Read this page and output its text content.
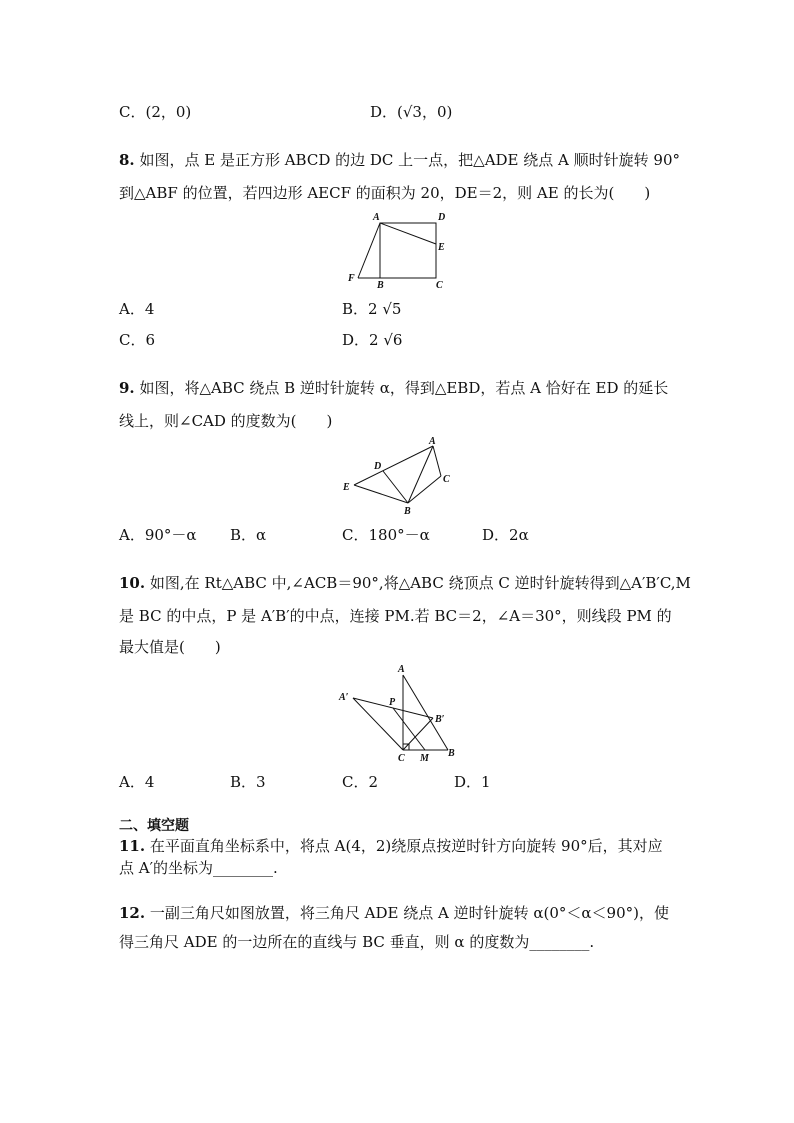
C．(2，0)	D．(√3，0)
8. 如图，点 E 是正方形 ABCD 的边 DC 上一点，把△ADE 绕点 A 顺时针旋转 90°
到△ABF 的位置，若四边形 AECF 的面积为 20，DE＝2，则 AE 的长为(　　)
A	D
E
F
B	C
A．4	B．2 √5
C．6	D．2 √6
9. 如图，将△ABC 绕点 B 逆时针旋转 α，得到△EBD，若点 A 恰好在 ED 的延长
线上，则∠CAD 的度数为(　　)
A
D
C
E
B
A．90°－α B．α	C．180°－α	D．2α
10. 如图,在 Rt△ABC 中,∠ACB＝90°,将△ABC 绕顶点 C 逆时针旋转得到△A′B′C,M
是 BC 的中点，P 是 A′B′的中点，连接 PM.若 BC＝2，∠A＝30°，则线段 PM 的
最大值是(　　)
A
A′	P
B′
C M B
A．4	B．3	C．2	D．1
二、填空题
11. 在平面直角坐标系中，将点 A(4，2)绕原点按逆时针方向旋转 90°后，其对应
点 A′的坐标为________.
12. 一副三角尺如图放置，将三角尺 ADE 绕点 A 逆时针旋转 α(0°＜α＜90°)，使
得三角尺 ADE 的一边所在的直线与 BC 垂直，则 α 的度数为________.
